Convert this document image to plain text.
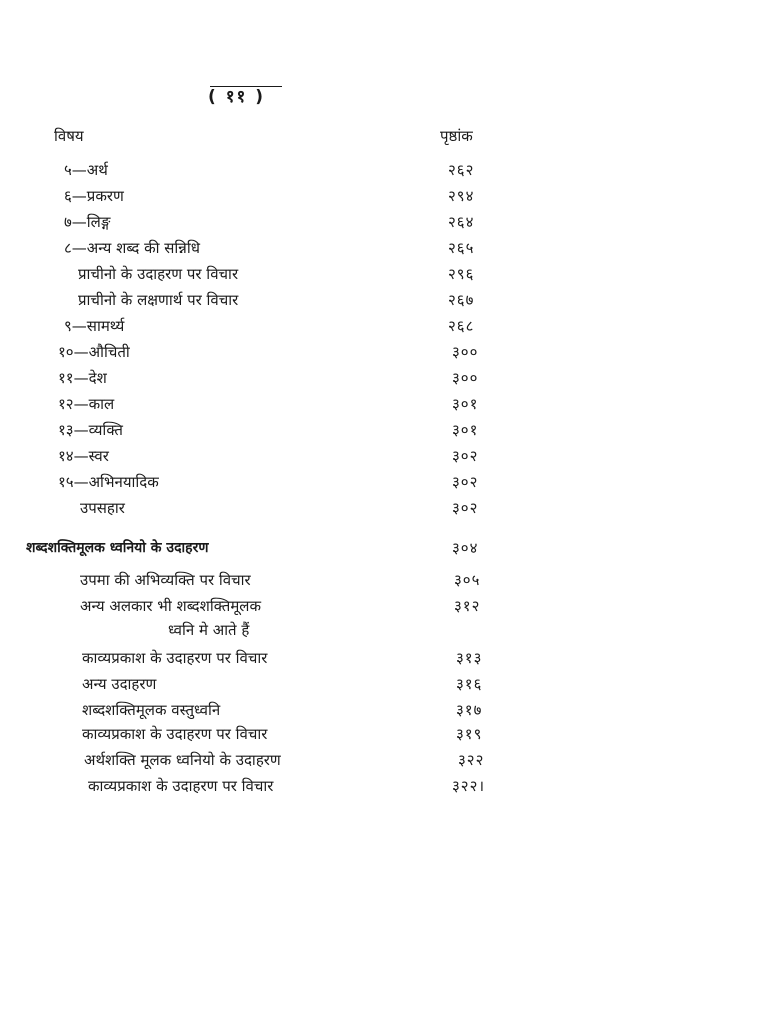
( ११ )
विषय	पृष्ठांक
५—अर्थ	२६२
६—प्रकरण	२९४
७—लिङ्ग	२६४
८—अन्य शब्द की सन्निधि	२६५
प्राचीनो के उदाहरण पर विचार	२९६
प्राचीनो के लक्षणार्थ पर विचार	२६७
९—सामर्थ्य	२६८
१०—औचिती	३००
११—देश	३००
१२—काल	३०१
१३—व्यक्ति	३०१
१४—स्वर	३०२
१५—अभिनयादिक	३०२
उपसहार	३०२
शब्दशक्तिमूलक ध्वनियो के उदाहरण	३०४
उपमा की अभिव्यक्ति पर विचार	३०५
अन्य अलकार भी शब्दशक्तिमूलक	३१२
ध्वनि मे आते हैं
काव्यप्रकाश के उदाहरण पर विचार	३१३
अन्य उदाहरण	३१६
शब्दशक्तिमूलक वस्तुध्वनि	३१७
काव्यप्रकाश के उदाहरण पर विचार	३१९
अर्थशक्ति मूलक ध्वनियो के उदाहरण	३२२
काव्यप्रकाश के उदाहरण पर विचार	३२२।
